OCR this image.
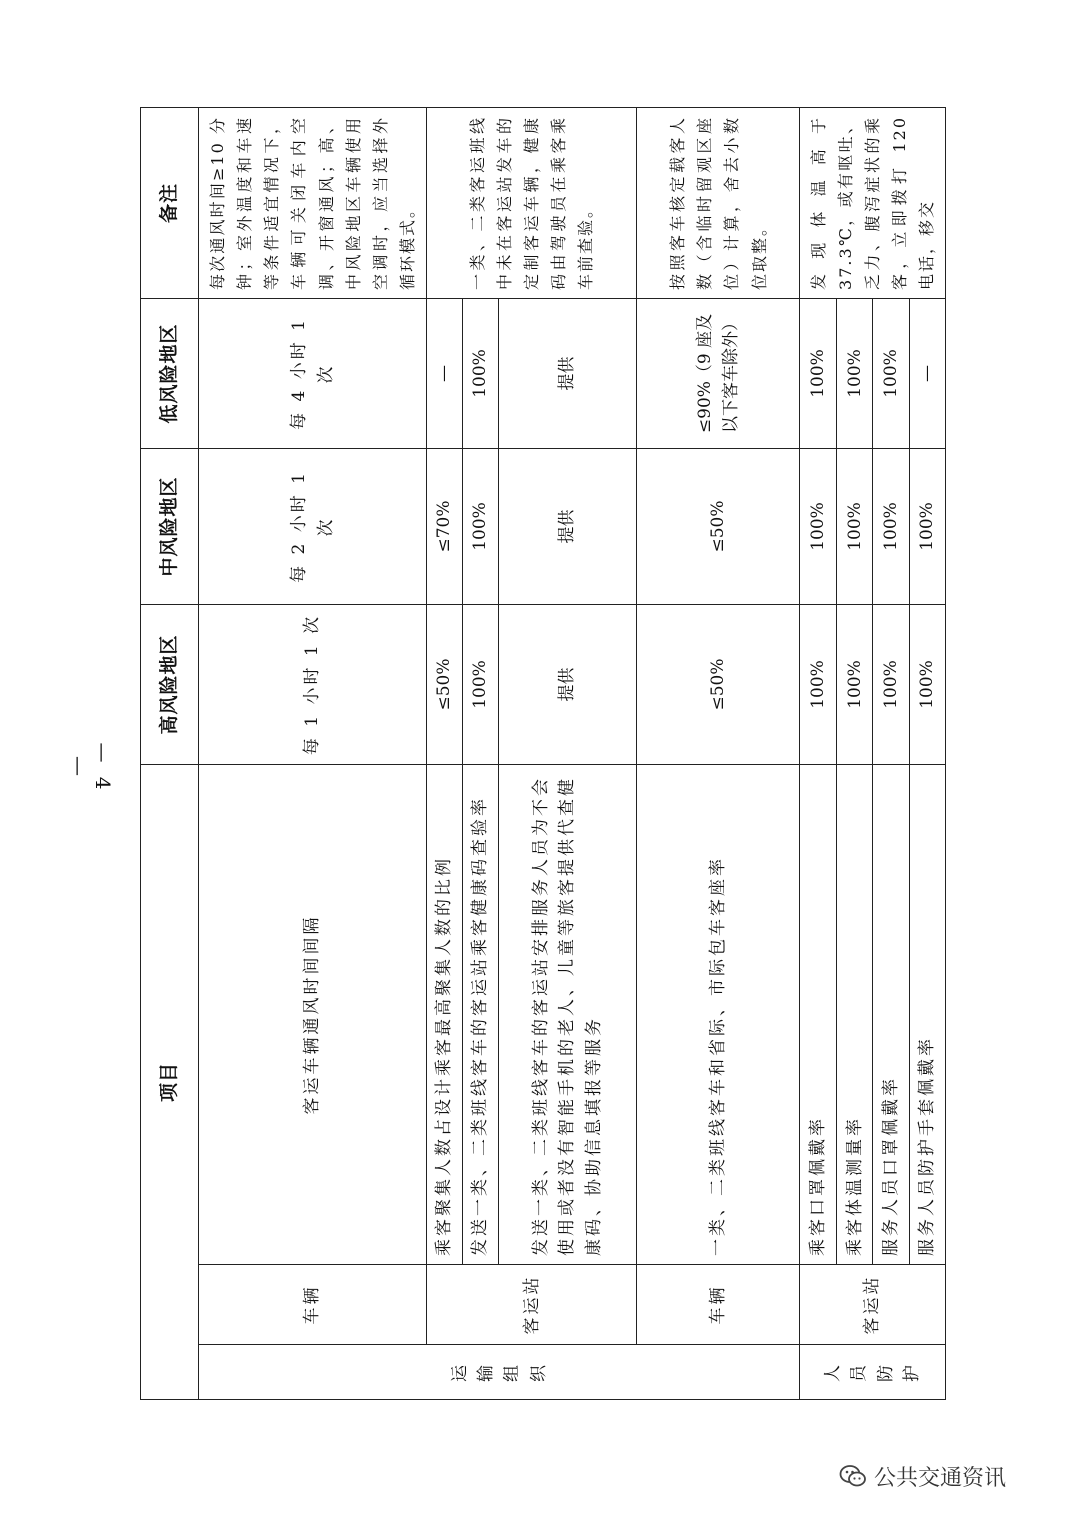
项目			高风险地区	中风险地区	低风险地区	备注
运输组织	车辆	客运车辆通风时间间隔	每 1 小时 1 次	每 2 小时 1 次	每 4 小时 1 次	每次通风时间≥10 分钟；室外温度和车速等条件适宜情况下，车辆可关闭车内空调、开窗通风；高、中风险地区车辆使用空调时，应当选择外循环模式。
	客运站	乘客聚集人数占设计乘客最高聚集人数的比例	≤50%	≤70%	—	一类、二类客运班线中未在客运站发车的定制客运车辆，健康码由驾驶员在乘客乘车前查验。
		发送一类、二类班线客车的客运站乘客健康码查验率	100%	100%	100%	
		发送一类、二类班线客车的客运站安排服务人员为不会使用或者没有智能手机的老人、儿童等旅客提供代查健康码、协助信息填报等服务	提供	提供	提供	
	车辆	一类、二类班线客车和省际、市际包车客座率	≤50%	≤50%	≤90%（9 座及以下客车除外）	按照客车核定载客人数（含临时留观区座位）计算，舍去小数位取整。
人员防护	客运站	乘客口罩佩戴率	100%	100%	100%	发现体温高于37.3℃，或有呕吐、乏力、腹泻症状的乘客，立即拨打 120 电话，移交
		乘客体温测量率	100%	100%	100%	
		服务人员口罩佩戴率	100%	100%	100%	
		服务人员防护手套佩戴率	100%	100%	—	
— 4 —
公共交通资讯
